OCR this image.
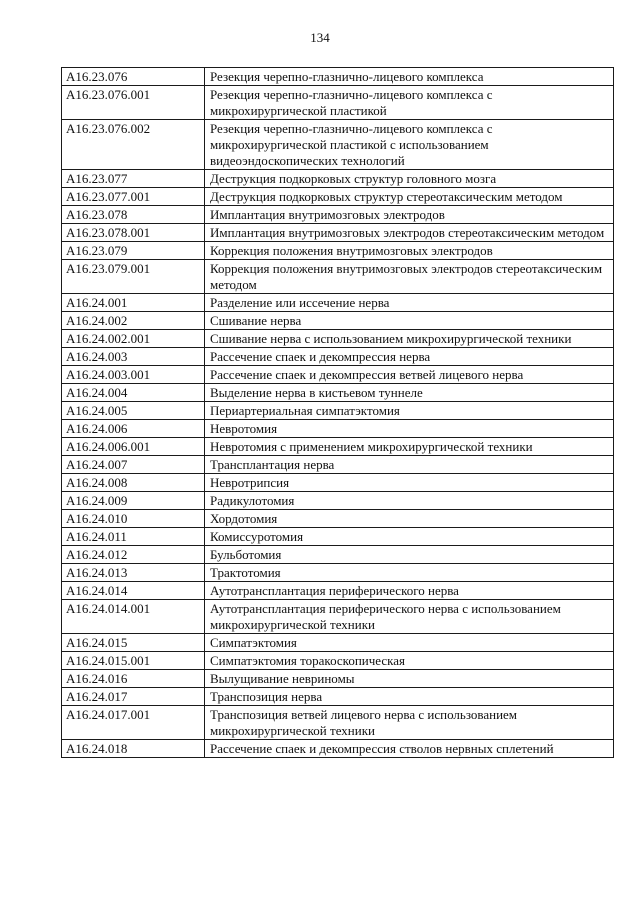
134
A16.23.076	Резекция черепно-глазнично-лицевого комплекса
A16.23.076.001	Резекция черепно-глазнично-лицевого комплекса с микрохирургической пластикой
A16.23.076.002	Резекция черепно-глазнично-лицевого комплекса с микрохирургической пластикой с использованием видеоэндоскопических технологий
A16.23.077	Деструкция подкорковых структур головного мозга
A16.23.077.001	Деструкция подкорковых структур стереотаксическим методом
A16.23.078	Имплантация внутримозговых электродов
A16.23.078.001	Имплантация внутримозговых электродов стереотаксическим методом
A16.23.079	Коррекция положения внутримозговых электродов
A16.23.079.001	Коррекция положения внутримозговых электродов стереотаксическим методом
A16.24.001	Разделение или иссечение нерва
A16.24.002	Сшивание нерва
A16.24.002.001	Сшивание нерва с использованием микрохирургической техники
A16.24.003	Рассечение спаек и декомпрессия нерва
A16.24.003.001	Рассечение спаек и декомпрессия ветвей лицевого нерва
A16.24.004	Выделение нерва в кистьевом туннеле
A16.24.005	Периартериальная симпатэктомия
A16.24.006	Невротомия
A16.24.006.001	Невротомия с применением микрохирургической техники
A16.24.007	Трансплантация нерва
A16.24.008	Невротрипсия
A16.24.009	Радикулотомия
A16.24.010	Хордотомия
A16.24.011	Комиссуротомия
A16.24.012	Бульботомия
A16.24.013	Трактотомия
A16.24.014	Аутотрансплантация периферического нерва
A16.24.014.001	Аутотрансплантация периферического нерва с использованием микрохирургической техники
A16.24.015	Симпатэктомия
A16.24.015.001	Симпатэктомия торакоскопическая
A16.24.016	Вылущивание невриномы
A16.24.017	Транспозиция нерва
A16.24.017.001	Транспозиция ветвей лицевого нерва с использованием микрохирургической техники
A16.24.018	Рассечение спаек и декомпрессия стволов нервных сплетений
